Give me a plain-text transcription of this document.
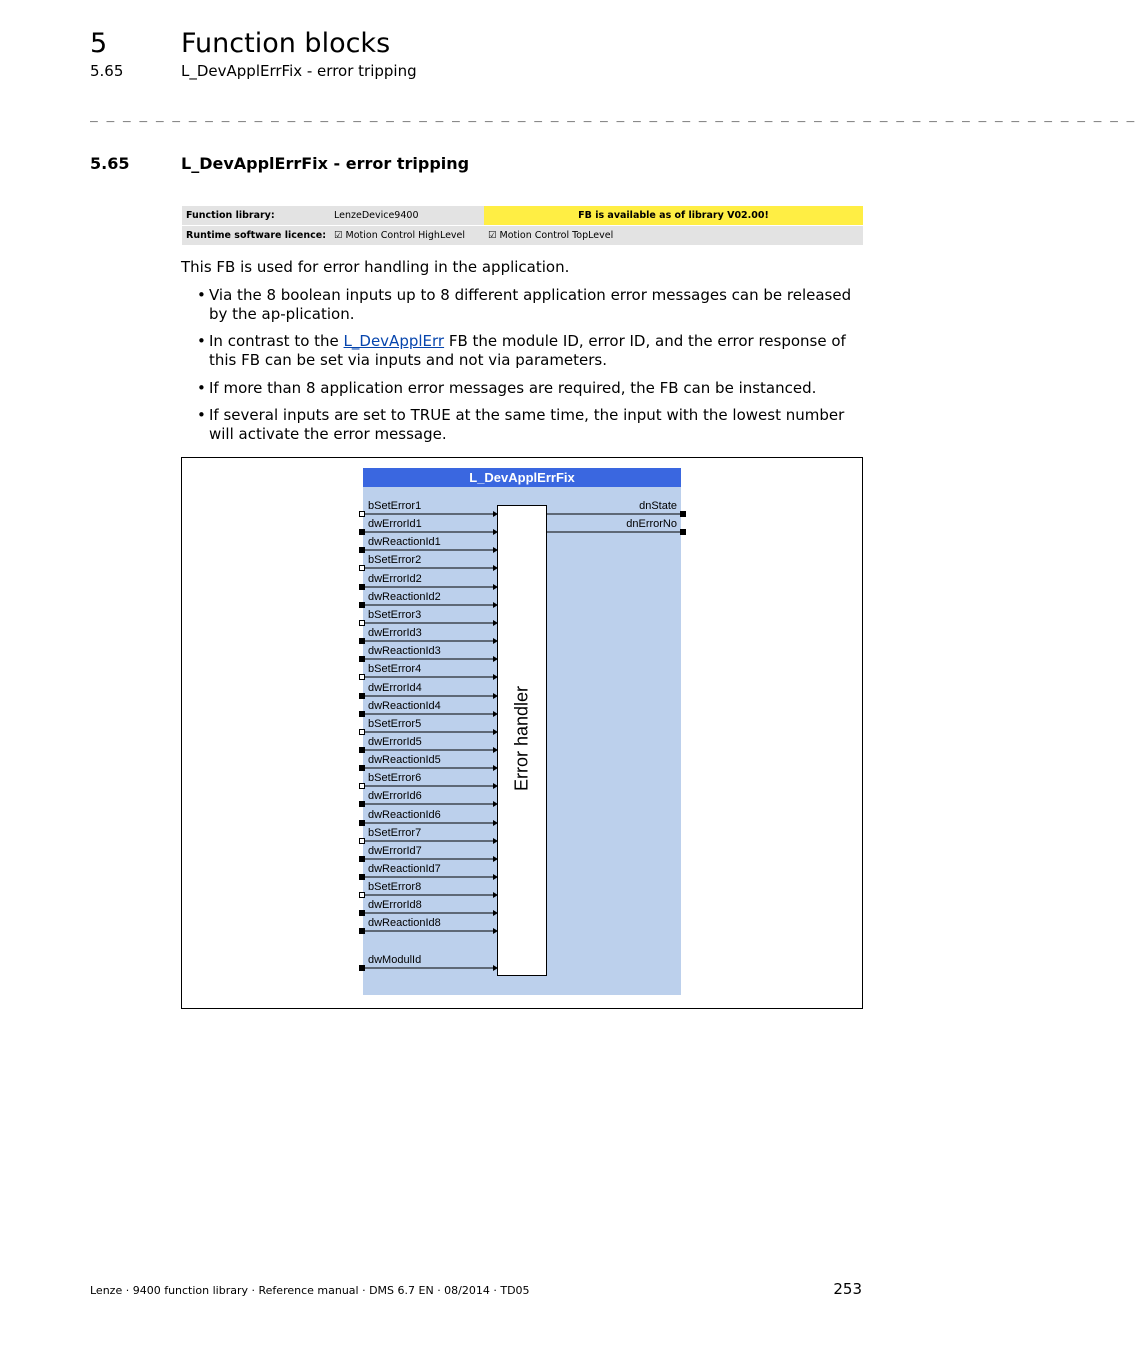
5	Function blocks
5.65	L_DevApplErrFix - error tripping
_ _ _ _ _ _ _ _ _ _ _ _ _ _ _ _ _ _ _ _ _ _ _ _ _ _ _ _ _ _ _ _ _ _ _ _ _ _ _ _ _ _ _ _ _ _ _ _ _ _ _ _ _ _ _ _ _ _ _ _ _ _ _ _
5.65	L_DevApplErrFix - error tripping
Function library:	LenzeDevice9400	FB is available as of library V02.00!
Runtime software licence:	☑ Motion Control HighLevel	☑ Motion Control TopLevel
This FB is used for error handling in the application.
• Via the 8 boolean inputs up to 8 different application error messages can be released by the ap-plication.
• In contrast to the L_DevApplErr FB the module ID, error ID, and the error response of this FB can be set via inputs and not via parameters.
• If more than 8 application error messages are required, the FB can be instanced.
• If several inputs are set to TRUE at the same time, the input with the lowest number will activate the error message.
L_DevApplErrFix
Error handler
bSetError1
dwErrorId1
dwReactionId1
bSetError2
dwErrorId2
dwReactionId2
bSetError3
dwErrorId3
dwReactionId3
bSetError4
dwErrorId4
dwReactionId4
bSetError5
dwErrorId5
dwReactionId5
bSetError6
dwErrorId6
dwReactionId6
bSetError7
dwErrorId7
dwReactionId7
bSetError8
dwErrorId8
dwReactionId8
dwModulId
dnState
dnErrorNo
Lenze · 9400 function library · Reference manual · DMS 6.7 EN · 08/2014 · TD05	253
